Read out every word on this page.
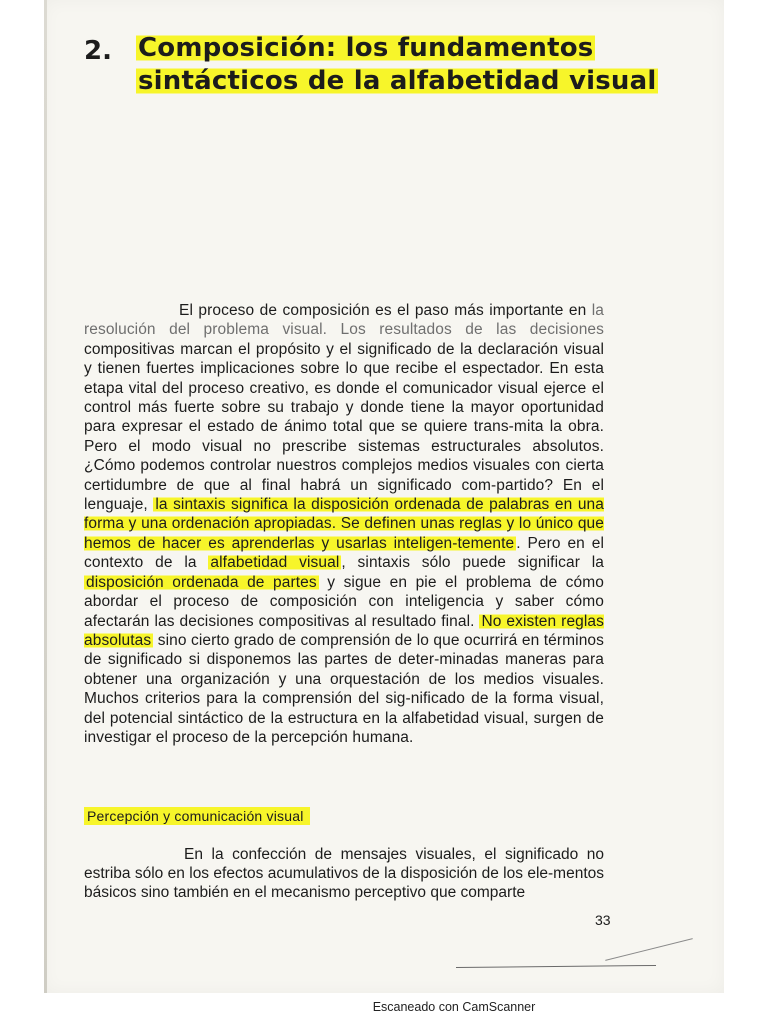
2. Composición: los fundamentos sintácticos de la alfabetidad visual
El proceso de composición es el paso más importante en la resolución del problema visual. Los resultados de las decisiones compositivas marcan el propósito y el significado de la declaración visual y tienen fuertes implicaciones sobre lo que recibe el espectador. En esta etapa vital del proceso creativo, es donde el comunicador visual ejerce el control más fuerte sobre su trabajo y donde tiene la mayor oportunidad para expresar el estado de ánimo total que se quiere trans-mita la obra. Pero el modo visual no prescribe sistemas estructurales absolutos. ¿Cómo podemos controlar nuestros complejos medios visuales con cierta certidumbre de que al final habrá un significado com-partido? En el lenguaje, la sintaxis significa la disposición ordenada de palabras en una forma y una ordenación apropiadas. Se definen unas reglas y lo único que hemos de hacer es aprenderlas y usarlas inteligen-temente . Pero en el contexto de la alfabetidad visual , sintaxis sólo puede significar la disposición ordenada de partes y sigue en pie el problema de cómo abordar el proceso de composición con inteligencia y saber cómo afectarán las decisiones compositivas al resultado final. No existen reglas absolutas sino cierto grado de comprensión de lo que ocurrirá en términos de significado si disponemos las partes de deter-minadas maneras para obtener una organización y una orquestación de los medios visuales. Muchos criterios para la comprensión del sig-nificado de la forma visual, del potencial sintáctico de la estructura en la alfabetidad visual, surgen de investigar el proceso de la percepción humana.
Percepción y comunicación visual
En la confección de mensajes visuales, el significado no estriba sólo en los efectos acumulativos de la disposición de los ele-mentos básicos sino también en el mecanismo perceptivo que comparte
33
Escaneado con CamScanner
